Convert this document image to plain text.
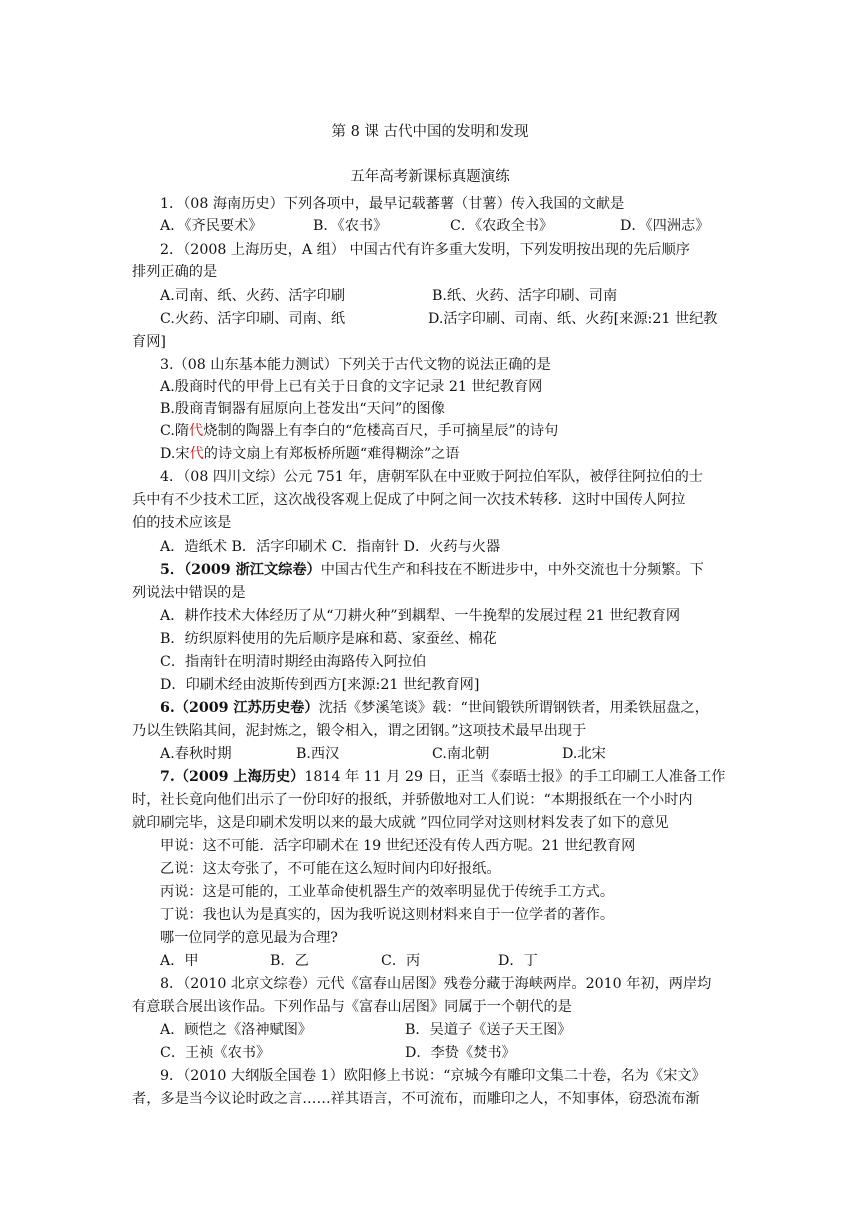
第 8 课 古代中国的发明和发现
五年高考新课标真题演练
1．（08 海南历史）下列各项中，最早记载蕃薯（甘薯）传入我国的文献是
A．《齐民要术》	B．《农书》	C．《农政全书》	D．《四洲志》
2．（2008 上海历史，A 组） 中国古代有许多重大发明，下列发明按出现的先后顺序
排列正确的是
A.司南、纸、火药、活字印刷	B.纸、火药、活字印刷、司南
C.火药、活字印刷、司南、纸	D.活字印刷、司南、纸、火药[来源:21 世纪教
育网]
3.（08 山东基本能力测试）下列关于古代文物的说法正确的是
A.殷商时代的甲骨上已有关于日食的文字记录 21 世纪教育网
B.殷商青铜器有屈原向上苍发出“天问”的图像
C.隋代烧制的陶器上有李白的“危楼高百尺，手可摘星辰”的诗句
D.宋代的诗文扇上有郑板桥所题“难得糊涂”之语
4．（08 四川文综）公元 751 年，唐朝军队在中亚败于阿拉伯军队，被俘往阿拉伯的士
兵中有不少技术工匠，这次战役客观上促成了中阿之间一次技术转移．这时中国传人阿拉
伯的技术应该是
A．造纸术 B．活字印刷术 C．指南针 D．火药与火器
5．（2009 浙江文综卷）中国古代生产和科技在不断进步中，中外交流也十分频繁。下
列说法中错误的是
A．耕作技术大体经历了从“刀耕火种”到耦犁、一牛挽犁的发展过程 21 世纪教育网
B．纺织原料使用的先后顺序是麻和葛、家蚕丝、棉花
C．指南针在明清时期经由海路传入阿拉伯
D．印刷术经由波斯传到西方[来源:21 世纪教育网]
6.（2009 江苏历史卷）沈括《梦溪笔谈》载：“世间锻铁所谓钢铁者，用柔铁屈盘之，
乃以生铁陷其间，泥封炼之，锻令相入，谓之团钢。”这项技术最早出现于
A.春秋时期	B.西汉	C.南北朝	D.北宋
7.（2009 上海历史）1814 年 11 月 29 日，正当《泰晤士报》的手工印刷工人准备工作
时，社长竟向他们出示了一份印好的报纸，并骄傲地对工人们说：“本期报纸在一个小时内
就印刷完毕，这是印刷术发明以来的最大成就 ”四位同学对这则材料发表了如下的意见
甲说：这不可能．活字印刷术在 19 世纪还没有传人西方呢。21 世纪教育网
乙说：这太夸张了，不可能在这么短时间内印好报纸。
丙说：这是可能的，工业革命使机器生产的效率明显优于传统手工方式。
丁说：我也认为是真实的，因为我听说这则材料来自于一位学者的著作。
哪一位同学的意见最为合理?
A．甲	B．乙	C．丙	D．丁
8．（2010 北京文综卷）元代《富春山居图》残卷分藏于海峡两岸。2010 年初，两岸均
有意联合展出该作品。下列作品与《富春山居图》同属于一个朝代的是
A．顾恺之《洛神赋图》	B．吴道子《送子天王图》
C．王祯《农书》	D．李贽《焚书》
9．（2010 大纲版全国卷 1）欧阳修上书说：“京城今有雕印文集二十卷，名为《宋文》
者，多是当今议论时政之言……祥其语言，不可流布，而雕印之人，不知事体，窃恐流布渐
